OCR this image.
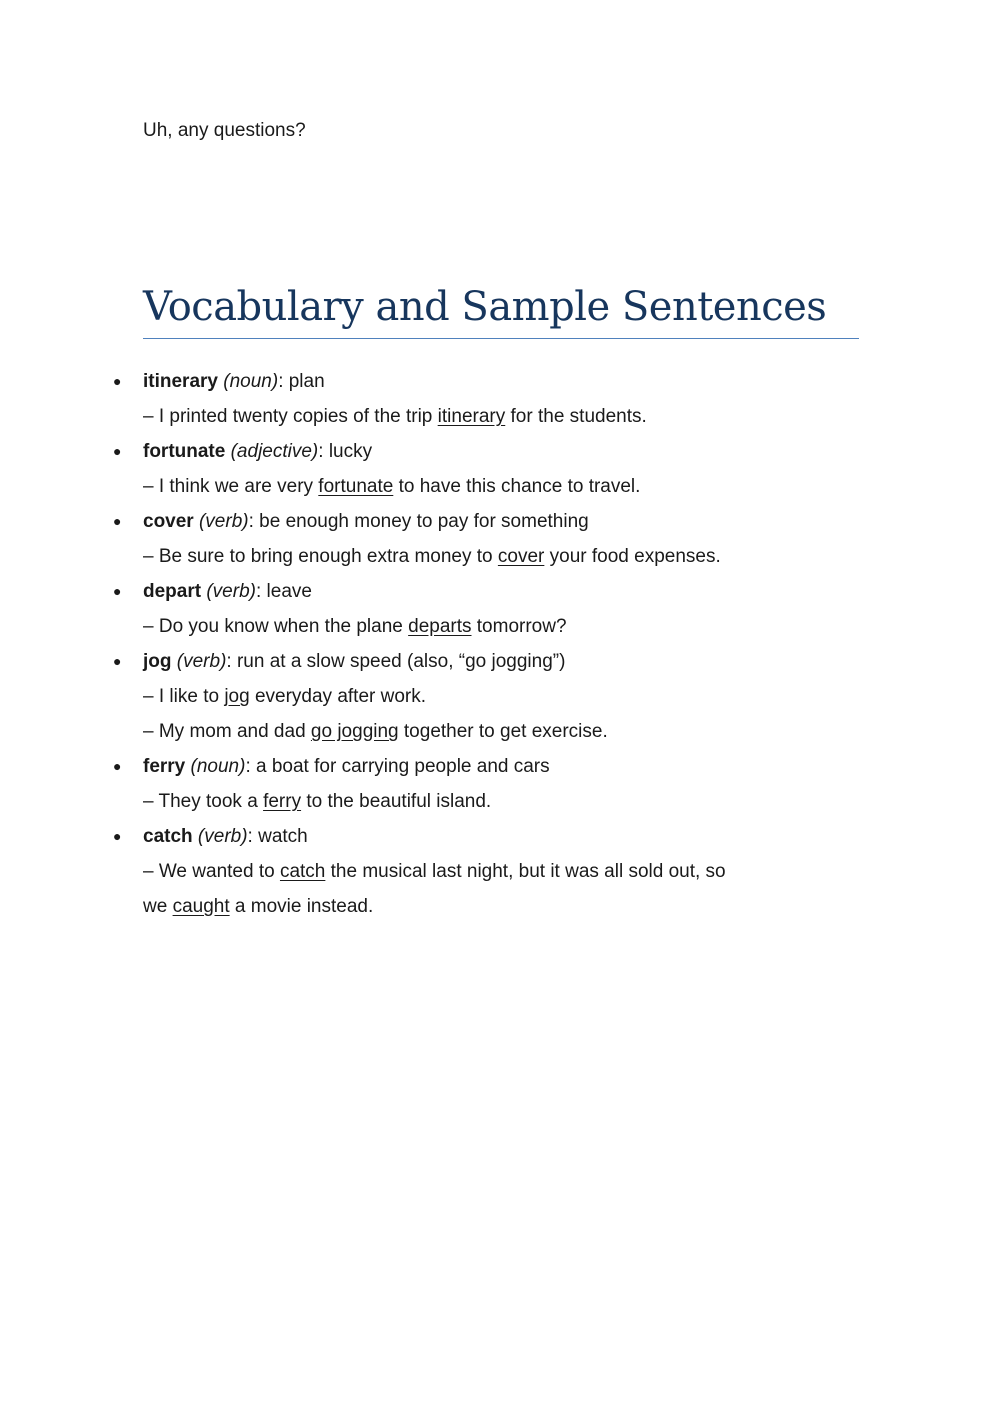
Uh, any questions?

Vocabulary and Sample Sentences
● itinerary (noun): plan
– I printed twenty copies of the trip itinerary for the students.
● fortunate (adjective): lucky
– I think we are very fortunate to have this chance to travel.
● cover (verb): be enough money to pay for something
– Be sure to bring enough extra money to cover your food expenses.
● depart (verb): leave
– Do you know when the plane departs tomorrow?
● jog (verb): run at a slow speed (also, “go jogging”)
– I like to jog everyday after work.
– My mom and dad go jogging together to get exercise.
● ferry (noun): a boat for carrying people and cars
– They took a ferry to the beautiful island.
● catch (verb): watch
– We wanted to catch the musical last night, but it was all sold out, so
we caught a movie instead.
